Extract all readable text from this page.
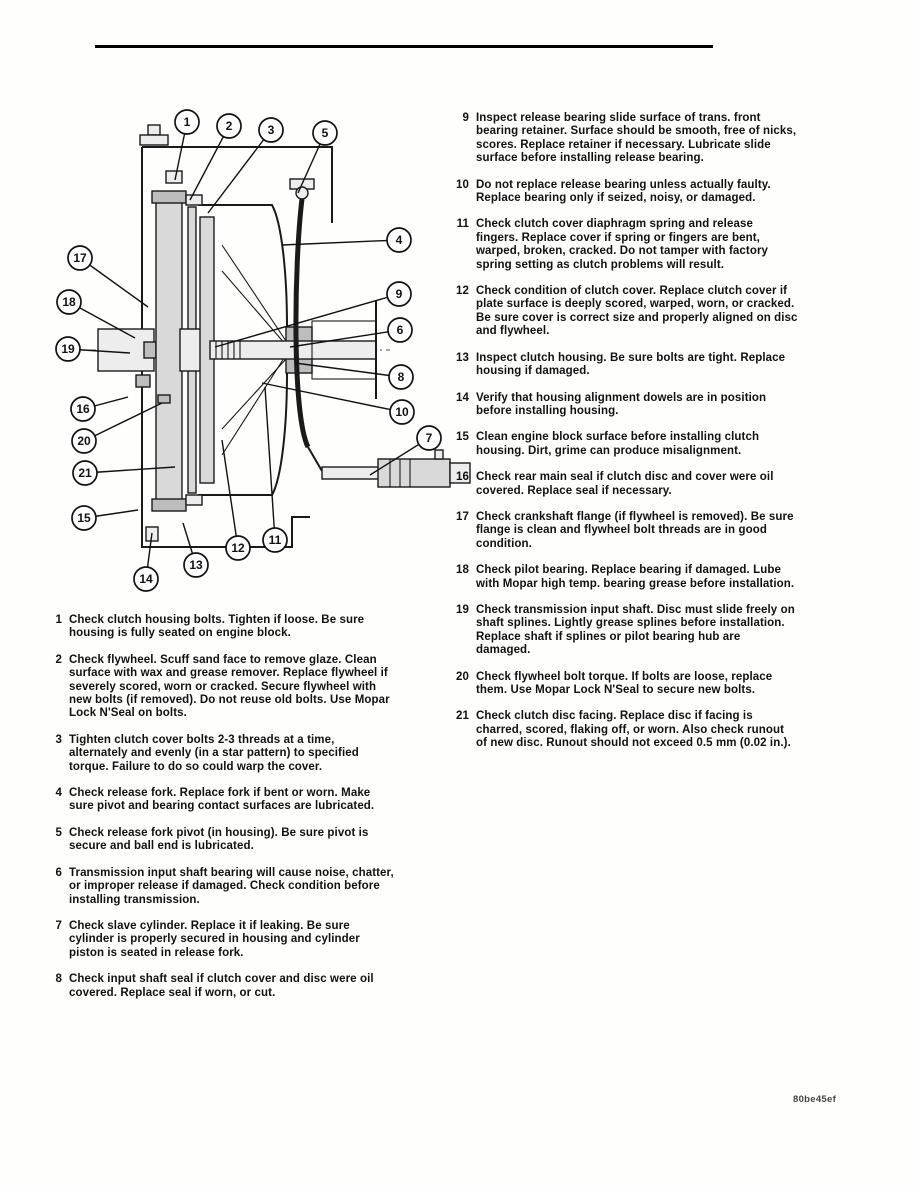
1	2	3	5
4
17
18
9
6
19
8
16	10
20	7
21
15
12
11
13
14
9 Inspect release bearing slide surface of trans. front bearing retainer. Surface should be smooth, free of nicks, scores. Replace retainer if necessary. Lubricate slide surface before installing release bearing.
10 Do not replace release bearing unless actually faulty. Replace bearing only if seized, noisy, or damaged.
11 Check clutch cover diaphragm spring and release fingers. Replace cover if spring or fingers are bent, warped, broken, cracked. Do not tamper with factory spring setting as clutch problems will result.
12 Check condition of clutch cover. Replace clutch cover if plate surface is deeply scored, warped, worn, or cracked. Be sure cover is correct size and properly aligned on disc and flywheel.
13 Inspect clutch housing. Be sure bolts are tight. Replace housing if damaged.
14 Verify that housing alignment dowels are in position before installing housing.
15 Clean engine block surface before installing clutch housing. Dirt, grime can produce misalignment.
16 Check rear main seal if clutch disc and cover were oil covered. Replace seal if necessary.
17 Check crankshaft flange (if flywheel is removed). Be sure flange is clean and flywheel bolt threads are in good condition.
18 Check pilot bearing. Replace bearing if damaged. Lube with Mopar high temp. bearing grease before installation.
19 Check transmission input shaft. Disc must slide freely on shaft splines. Lightly grease splines before installation. Replace shaft if splines or pilot bearing hub are damaged.
20 Check flywheel bolt torque. If bolts are loose, replace them. Use Mopar Lock N'Seal to secure new bolts.
21 Check clutch disc facing. Replace disc if facing is charred, scored, flaking off, or worn. Also check runout of new disc. Runout should not exceed 0.5 mm (0.02 in.).
1 Check clutch housing bolts. Tighten if loose. Be sure housing is fully seated on engine block.
2 Check flywheel. Scuff sand face to remove glaze. Clean surface with wax and grease remover. Replace flywheel if severely scored, worn or cracked. Secure flywheel with new bolts (if removed). Do not reuse old bolts. Use Mopar Lock N'Seal on bolts.
3 Tighten clutch cover bolts 2-3 threads at a time, alternately and evenly (in a star pattern) to specified torque. Failure to do so could warp the cover.
4 Check release fork. Replace fork if bent or worn. Make sure pivot and bearing contact surfaces are lubricated.
5 Check release fork pivot (in housing). Be sure pivot is secure and ball end is lubricated.
6 Transmission input shaft bearing will cause noise, chatter, or improper release if damaged. Check condition before installing transmission.
7 Check slave cylinder. Replace it if leaking. Be sure cylinder is properly secured in housing and cylinder piston is seated in release fork.
8 Check input shaft seal if clutch cover and disc were oil covered. Replace seal if worn, or cut.
80be45ef
